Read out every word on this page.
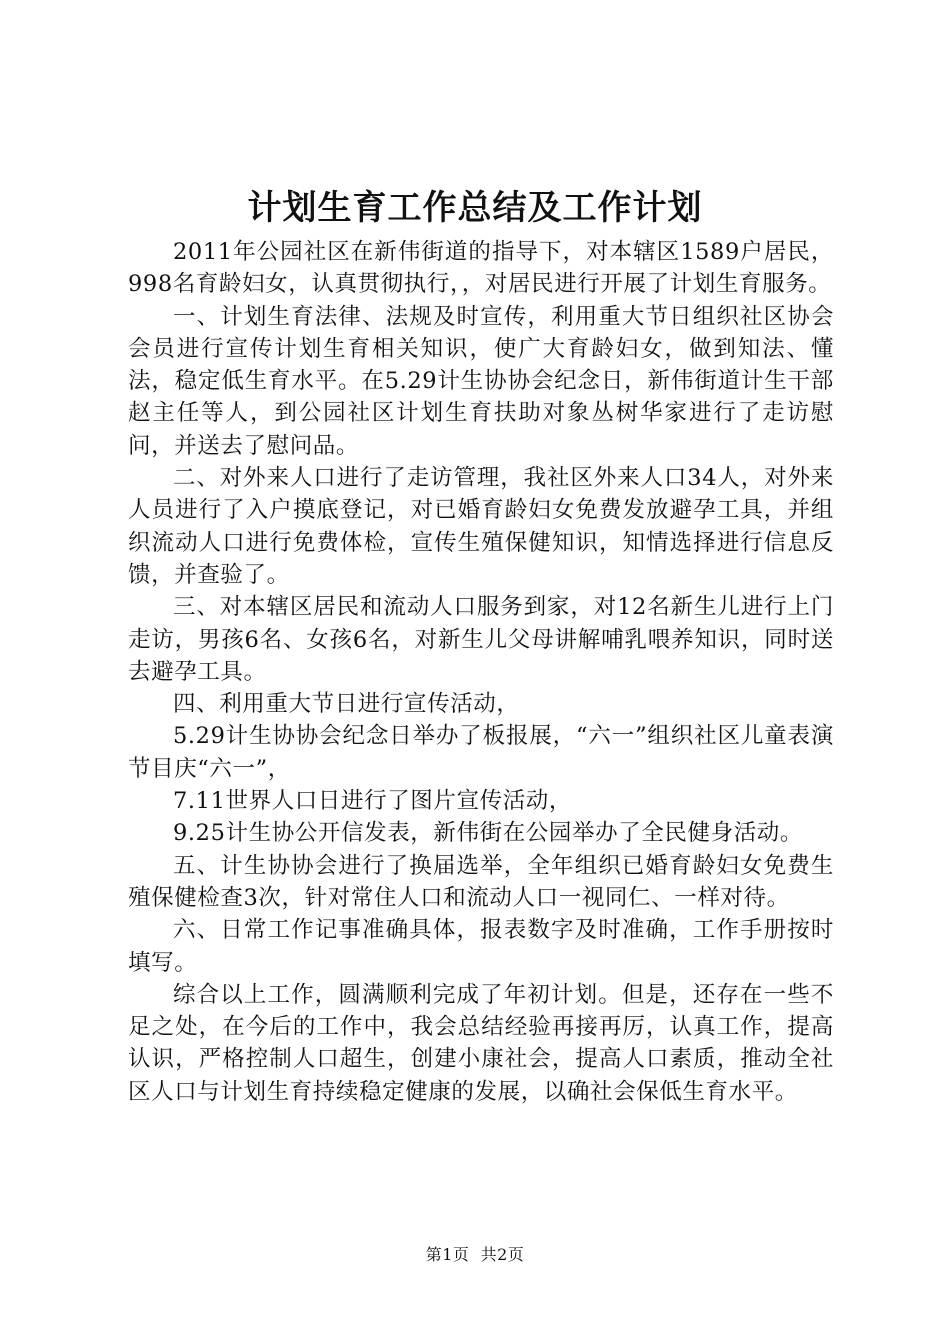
计划生育工作总结及工作计划

2011年公园社区在新伟街道的指导下，对本辖区1589户居民，998名育龄妇女，认真贯彻执行，，对居民进行开展了计划生育服务。

一、计划生育法律、法规及时宣传，利用重大节日组织社区协会会员进行宣传计划生育相关知识，使广大育龄妇女，做到知法、懂法，稳定低生育水平。在5.29计生协协会纪念日，新伟街道计生干部赵主任等人，到公园社区计划生育扶助对象丛树华家进行了走访慰问，并送去了慰问品。

二、对外来人口进行了走访管理，我社区外来人口34人，对外来人员进行了入户摸底登记，对已婚育龄妇女免费发放避孕工具，并组织流动人口进行免费体检，宣传生殖保健知识，知情选择进行信息反馈，并查验了。

三、对本辖区居民和流动人口服务到家，对12名新生儿进行上门走访，男孩6名、女孩6名，对新生儿父母讲解哺乳喂养知识，同时送去避孕工具。

四、利用重大节日进行宣传活动，

5.29计生协协会纪念日举办了板报展，“六一”组织社区儿童表演节目庆“六一”，

7.11世界人口日进行了图片宣传活动，

9.25计生协公开信发表，新伟街在公园举办了全民健身活动。

五、计生协协会进行了换届选举，全年组织已婚育龄妇女免费生殖保健检查3次，针对常住人口和流动人口一视同仁、一样对待。

六、日常工作记事准确具体，报表数字及时准确，工作手册按时填写。

综合以上工作，圆满顺利完成了年初计划。但是，还存在一些不足之处，在今后的工作中，我会总结经验再接再厉，认真工作，提高认识，严格控制人口超生，创建小康社会，提高人口素质，推动全社区人口与计划生育持续稳定健康的发展，以确社会保低生育水平。

第1页 共2页
